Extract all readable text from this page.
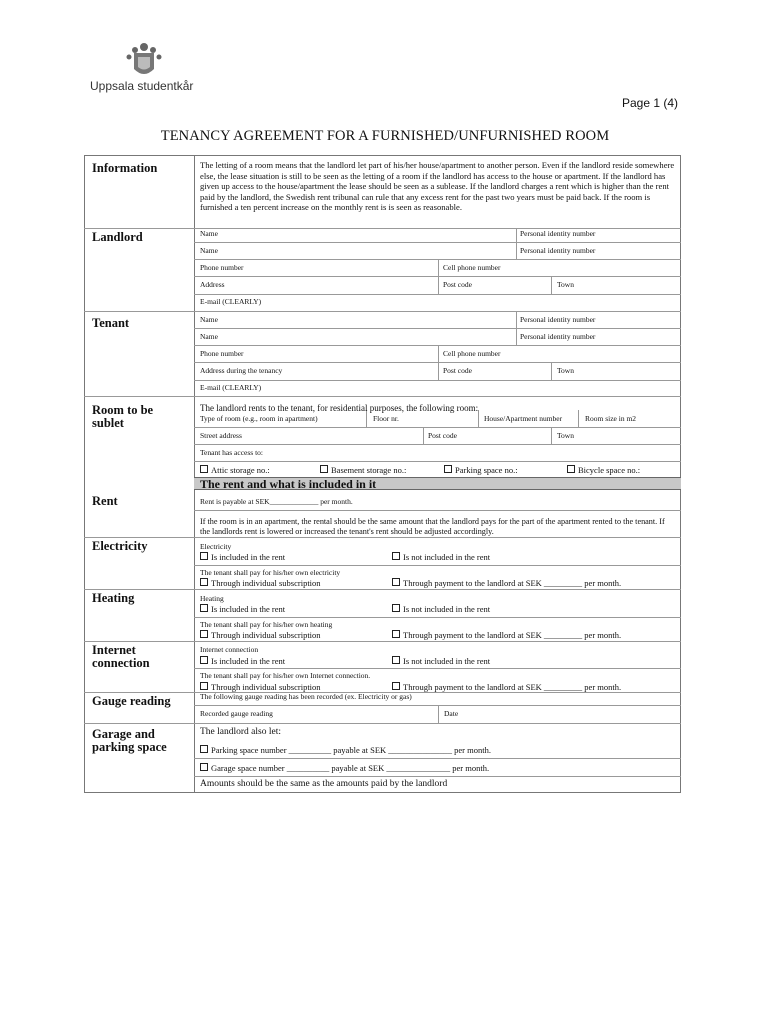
Uppsala studentkår
Page 1 (4)
TENANCY AGREEMENT FOR A FURNISHED/UNFURNISHED ROOM
Information	The letting of a room means that the landlord let part of his/her house/apartment to another person. Even if the landlord reside somewhere else, the lease situation is still to be seen as the letting of a room if the landlord has access to the house or apartment. If the landlord has given up access to the house/apartment the lease should be seen as a sublease. If the landlord charges a rent which is higher than the rent paid by the landlord, the Swedish rent tribunal can rule that any excess rent for the past two years must be paid back. If the room is furnished a ten percent increase on the monthly rent is is seen as reasonable.
Landlord	Name	Personal identity number
Name	Personal identity number
Phone number	Cell phone number
Address	Post code	Town
E-mail (CLEARLY)
Tenant	Name	Personal identity number
Name	Personal identity number
Phone number	Cell phone number
Address during the tenancy	Post code	Town
E-mail (CLEARLY)
Room to be sublet
The landlord rents to the tenant, for residential purposes, the following room:
Type of room (e.g., room in apartment)	Floor nr.	House/Apartment number	Room size in m2
Street address	Post code	Town
Tenant has access to:
Attic storage no.:	Basement storage no.:	Parking space no.:	Bicycle space no.:
The rent and what is included in it
Rent	Rent is payable at SEK_____________ per month.
If the room is in an apartment, the rental should be the same amount that the landlord pays for the part of the apartment rented to the tenant. If the landlords rent is lowered or increased the tenant's rent should be adjusted accordingly.
Electricity	Electricity
Is included in the rent	Is not included in the rent
The tenant shall pay for his/her own electricity
Through individual subscription	Through payment to the landlord at SEK _________ per month.
Heating	Heating
Is included in the rent	Is not included in the rent
The tenant shall pay for his/her own heating
Through individual subscription	Through payment to the landlord at SEK _________ per month.
Internet connection
Internet connection
Is included in the rent	Is not included in the rent
The tenant shall pay for his/her own Internet connection.
Through individual subscription	Through payment to the landlord at SEK _________ per month.
Gauge reading	The following gauge reading has been recorded (ex. Electricity or gas)
Recorded gauge reading	Date
Garage and parking space
The landlord also let:
Parking space number __________ payable at SEK _______________ per month.
Garage space number __________ payable at SEK _______________ per month.
Amounts should be the same as the amounts paid by the landlord
